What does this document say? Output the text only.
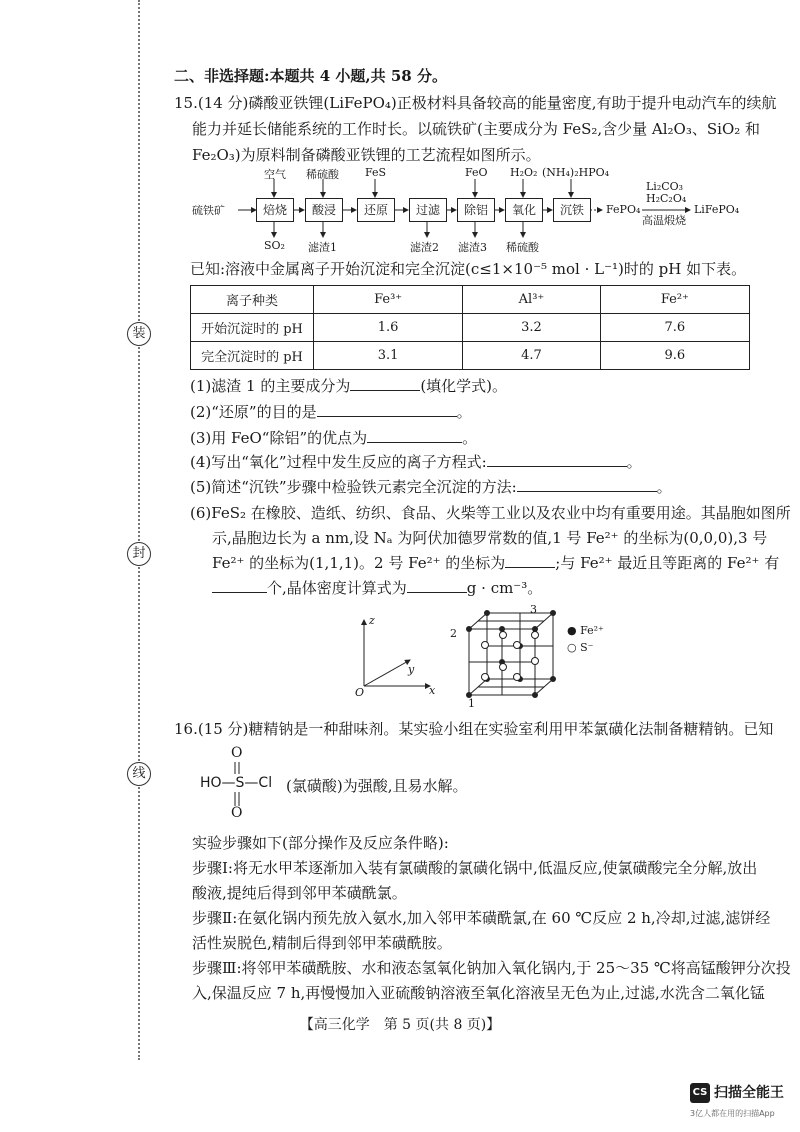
装
封
线
二、非选择题:本题共 4 小题,共 58 分。
15.(14 分)磷酸亚铁锂(LiFePO₄)正极材料具备较高的能量密度,有助于提升电动汽车的续航
能力并延长储能系统的工作时长。以硫铁矿(主要成分为 FeS₂,含少量 Al₂O₃、SiO₂ 和
Fe₂O₃)为原料制备磷酸亚铁锂的工艺流程如图所示。
硫铁矿	焙烧	酸浸	还原	过滤	除铝	氧化	沉铁
空气 稀硫酸 FeS	FeO H₂O₂ (NH₄)₂HPO₄
SO₂ 滤渣1	滤渣2 滤渣3 稀硫酸
FePO₄
Li₂CO₃
H₂C₂O₄
高温煅烧
LiFePO₄
已知:溶液中金属离子开始沉淀和完全沉淀(c≤1×10⁻⁵ mol · L⁻¹)时的 pH 如下表。
离子种类	Fe³⁺	Al³⁺	Fe²⁺
开始沉淀时的 pH	1.6	3.2	7.6
完全沉淀时的 pH	3.1	4.7	9.6
(1)滤渣 1 的主要成分为	(填化学式)。
(2)“还原”的目的是	。
(3)用 FeO“除铝”的优点为	。
(4)写出“氧化”过程中发生反应的离子方程式:	。
(5)简述“沉铁”步骤中检验铁元素完全沉淀的方法:	。
(6)FeS₂ 在橡胶、造纸、纺织、食品、火柴等工业以及农业中均有重要用途。其晶胞如图所
示,晶胞边长为 a nm,设 Nₐ 为阿伏加德罗常数的值,1 号 Fe²⁺ 的坐标为(0,0,0),3 号
Fe²⁺ 的坐标为(1,1,1)。2 号 Fe²⁺ 的坐标为	;与 Fe²⁺ 最近且等距离的 Fe²⁺ 有
个,晶体密度计算式为	g · cm⁻³。
z
y
x
O
1
2
3
● Fe²⁺
○ S⁻
16.(15 分)糖精钠是一种甜味剂。某实验小组在实验室利用甲苯氯磺化法制备糖精钠。已知
O
HO—S—Cl (氯磺酸)为强酸,且易水解。
O
实验步骤如下(部分操作及反应条件略):
步骤Ⅰ:将无水甲苯逐渐加入装有氯磺酸的氯磺化锅中,低温反应,使氯磺酸完全分解,放出
酸液,提纯后得到邻甲苯磺酰氯。
步骤Ⅱ:在氨化锅内预先放入氨水,加入邻甲苯磺酰氯,在 60 ℃反应 2 h,冷却,过滤,滤饼经
活性炭脱色,精制后得到邻甲苯磺酰胺。
步骤Ⅲ:将邻甲苯磺酰胺、水和液态氢氧化钠加入氧化锅内,于 25～35 ℃将高锰酸钾分次投
入,保温反应 7 h,再慢慢加入亚硫酸钠溶液至氧化溶液呈无色为止,过滤,水洗含二氧化锰
【高三化学　第 5 页(共 8 页)】
CS 扫描全能王
3亿人都在用的扫描App
